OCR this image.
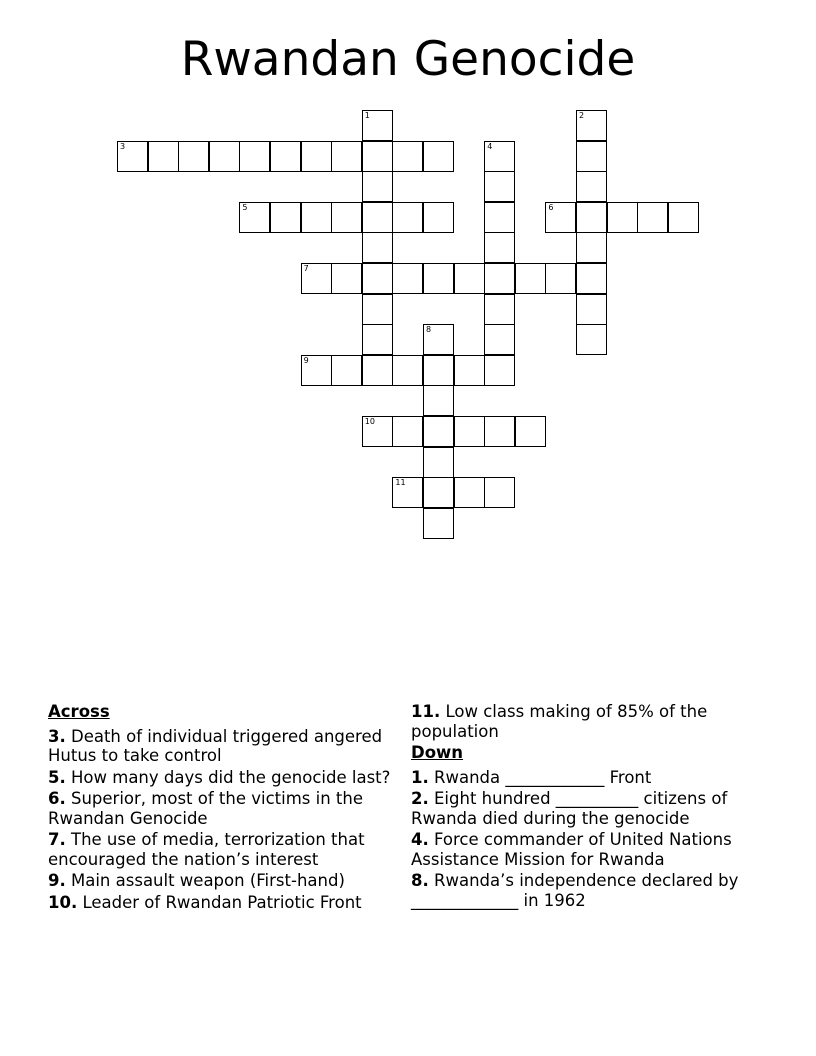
Rwandan Genocide
1	2
3	4
5	6
7
8
9
10
11
Across
3. Death of individual triggered angered Hutus to take control
5. How many days did the genocide last?
6. Superior, most of the victims in the Rwandan Genocide
7. The use of media, terrorization that encouraged the nation’s interest
9. Main assault weapon (First-hand)
10. Leader of Rwandan Patriotic Front
11. Low class making of 85% of the population
Down
1. Rwanda ____________ Front
2. Eight hundred __________ citizens of Rwanda died during the genocide
4. Force commander of United Nations Assistance Mission for Rwanda
8. Rwanda’s independence declared by _____________ in 1962
